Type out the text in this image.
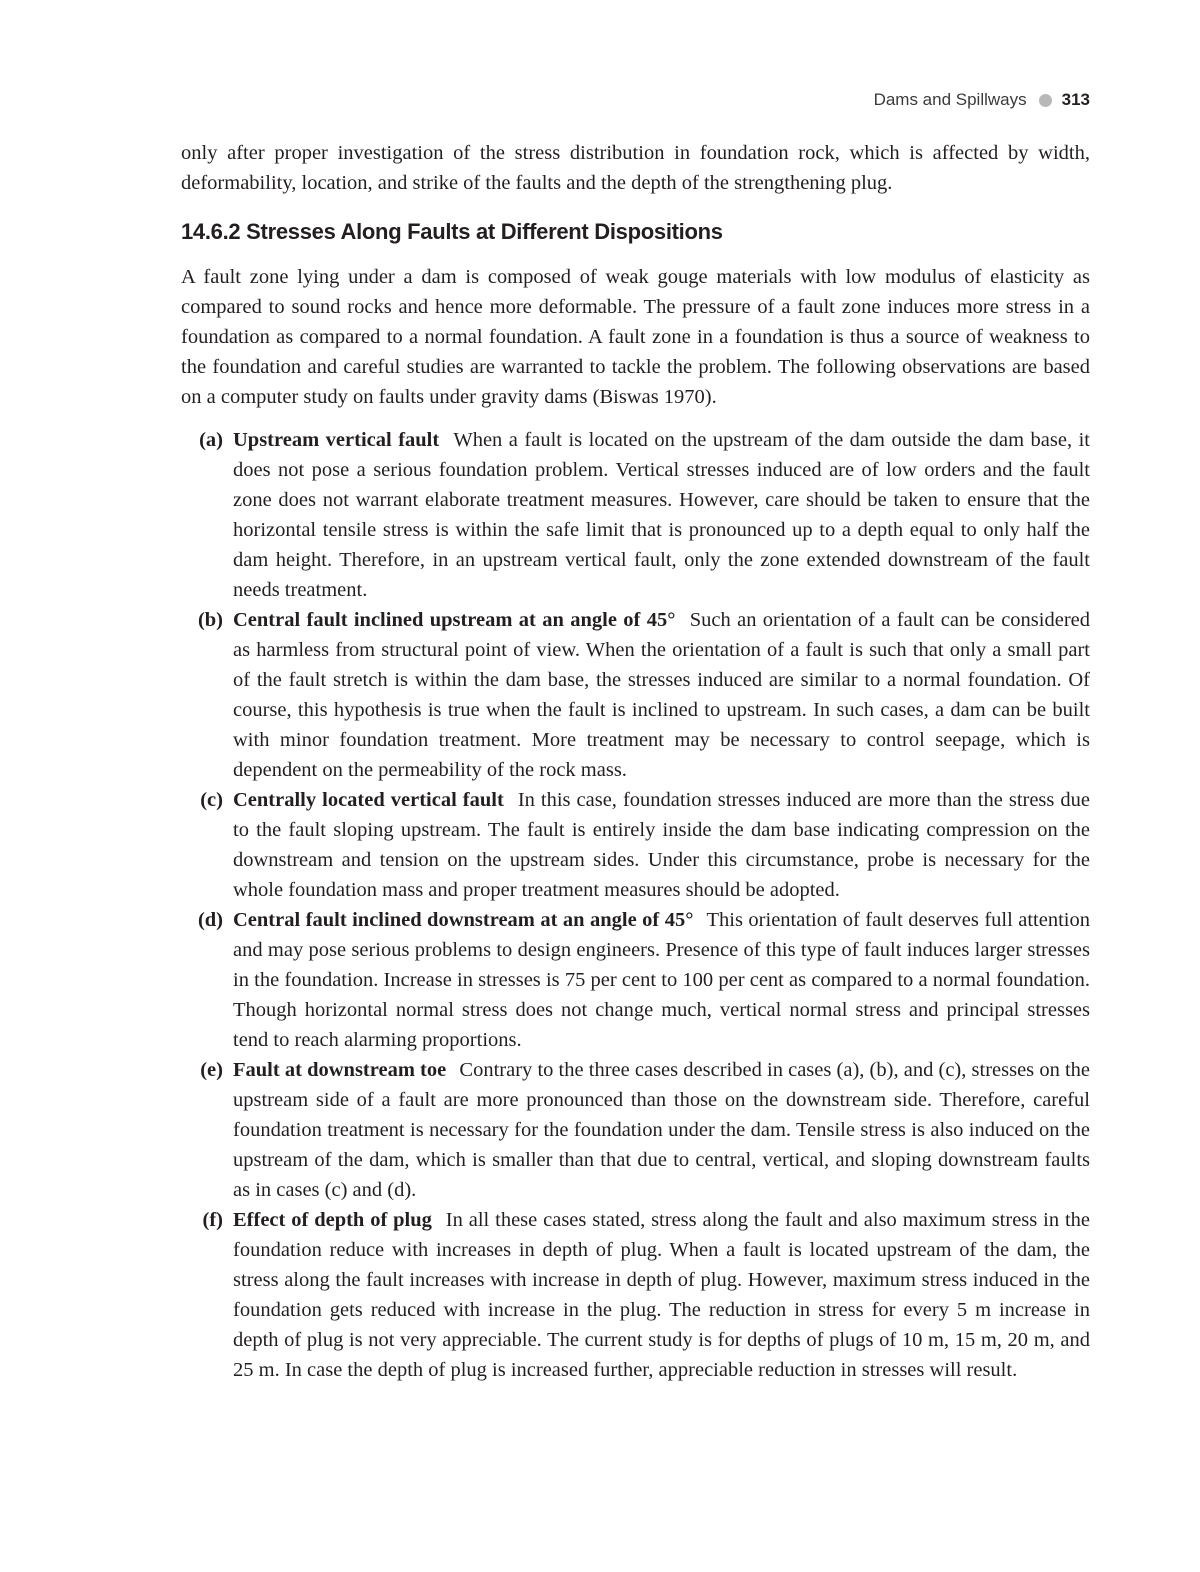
Dams and Spillways 313

only after proper investigation of the stress distribution in foundation rock, which is affected by width, deformability, location, and strike of the faults and the depth of the strengthening plug.

14.6.2 Stresses Along Faults at Different Dispositions

A fault zone lying under a dam is composed of weak gouge materials with low modulus of elasticity as compared to sound rocks and hence more deformable. The pressure of a fault zone induces more stress in a foundation as compared to a normal foundation. A fault zone in a foundation is thus a source of weakness to the foundation and careful studies are warranted to tackle the problem. The following observations are based on a computer study on faults under gravity dams (Biswas 1970).

(a) Upstream vertical fault When a fault is located on the upstream of the dam outside the dam base, it does not pose a serious foundation problem. Vertical stresses induced are of low orders and the fault zone does not warrant elaborate treatment measures. However, care should be taken to ensure that the horizontal tensile stress is within the safe limit that is pronounced up to a depth equal to only half the dam height. Therefore, in an upstream vertical fault, only the zone extended downstream of the fault needs treatment.
(b) Central fault inclined upstream at an angle of 45° Such an orientation of a fault can be considered as harmless from structural point of view. When the orientation of a fault is such that only a small part of the fault stretch is within the dam base, the stresses induced are similar to a normal foundation. Of course, this hypothesis is true when the fault is inclined to upstream. In such cases, a dam can be built with minor foundation treatment. More treatment may be necessary to control seepage, which is dependent on the permeability of the rock mass.
(c) Centrally located vertical fault In this case, foundation stresses induced are more than the stress due to the fault sloping upstream. The fault is entirely inside the dam base indicating compression on the downstream and tension on the upstream sides. Under this circumstance, probe is necessary for the whole foundation mass and proper treatment measures should be adopted.
(d) Central fault inclined downstream at an angle of 45° This orientation of fault deserves full attention and may pose serious problems to design engineers. Presence of this type of fault induces larger stresses in the foundation. Increase in stresses is 75 per cent to 100 per cent as compared to a normal foundation. Though horizontal normal stress does not change much, vertical normal stress and principal stresses tend to reach alarming proportions.
(e) Fault at downstream toe Contrary to the three cases described in cases (a), (b), and (c), stresses on the upstream side of a fault are more pronounced than those on the downstream side. Therefore, careful foundation treatment is necessary for the foundation under the dam. Tensile stress is also induced on the upstream of the dam, which is smaller than that due to central, vertical, and sloping downstream faults as in cases (c) and (d).
(f) Effect of depth of plug In all these cases stated, stress along the fault and also maximum stress in the foundation reduce with increases in depth of plug. When a fault is located upstream of the dam, the stress along the fault increases with increase in depth of plug. However, maximum stress induced in the foundation gets reduced with increase in the plug. The reduction in stress for every 5 m increase in depth of plug is not very appreciable. The current study is for depths of plugs of 10 m, 15 m, 20 m, and 25 m. In case the depth of plug is increased further, appreciable reduction in stresses will result.
